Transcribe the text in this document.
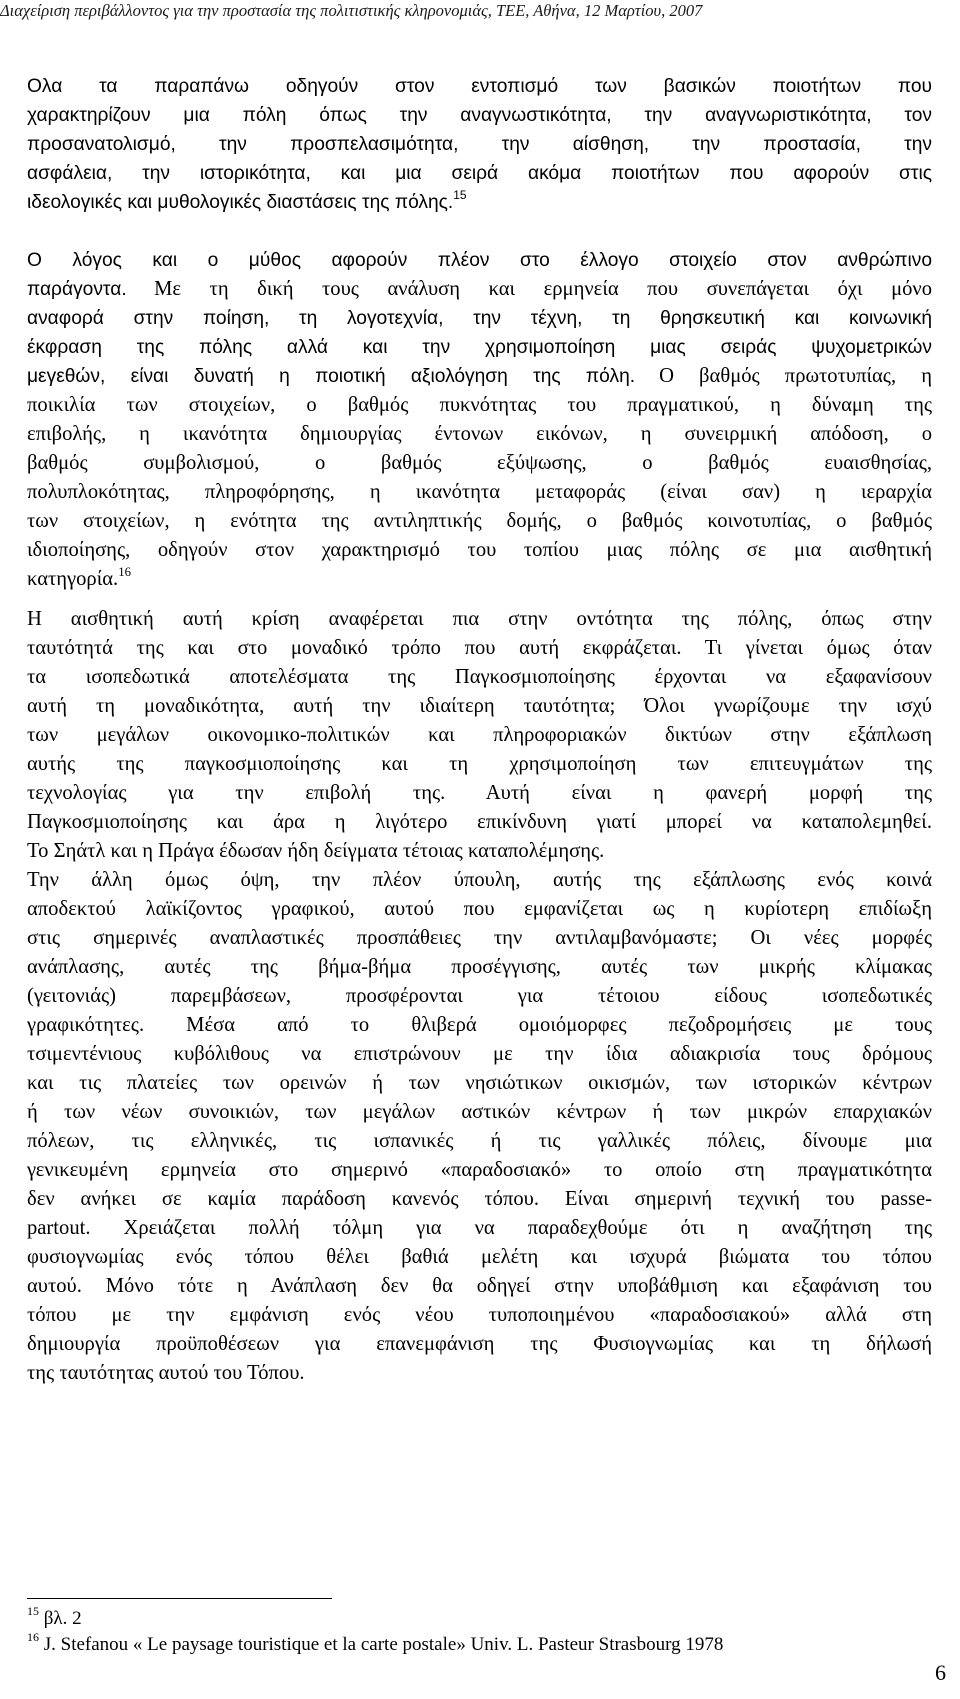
Διαχείριση περιβάλλοντος για την προστασία της πολιτιστικής κληρονομιάς, ΤΕΕ, Αθήνα, 12 Μαρτίου, 2007
Ολα τα παραπάνω οδηγούν στον εντοπισμό των βασικών ποιοτήτων που
χαρακτηρίζουν μια πόλη όπως την αναγνωστικότητα, την αναγνωριστικότητα, τον
προσανατολισμό, την προσπελασιμότητα, την αίσθηση, την προστασία, την
ασφάλεια, την ιστορικότητα, και μια σειρά ακόμα ποιοτήτων που αφορούν στις
ιδεολογικές και μυθολογικές διαστάσεις της πόλης.$^{15}$
Ο λόγος και ο μύθος αφορούν πλέον στο έλλογο στοιχείο στον ανθρώπινο
παράγοντα. Με τη δική τους ανάλυση και ερμηνεία που συνεπάγεται όχι μόνο
αναφορά στην ποίηση, τη λογοτεχνία, την τέχνη, τη θρησκευτική και κοινωνική
έκφραση της πόλης αλλά και την χρησιμοποίηση μιας σειράς ψυχομετρικών
μεγεθών, είναι δυνατή η ποιοτική αξιολόγηση της πόλη. Ο βαθμός πρωτοτυπίας, η
ποικιλία των στοιχείων, ο βαθμός πυκνότητας του πραγματικού, η δύναμη της
επιβολής, η ικανότητα δημιουργίας έντονων εικόνων, η συνειρμική απόδοση, ο
βαθμός συμβολισμού, ο βαθμός εξύψωσης, ο βαθμός ευαισθησίας,
πολυπλοκότητας, πληροφόρησης, η ικανότητα μεταφοράς (είναι σαν) η ιεραρχία
των στοιχείων, η ενότητα της αντιληπτικής δομής, ο βαθμός κοινοτυπίας, ο βαθμός
ιδιοποίησης, οδηγούν στον χαρακτηρισμό του τοπίου μιας πόλης σε μια αισθητική
κατηγορία.$^{16}$
Η αισθητική αυτή κρίση αναφέρεται πια στην οντότητα της πόλης, όπως στην
ταυτότητά της και στο μοναδικό τρόπο που αυτή εκφράζεται. Τι γίνεται όμως όταν
τα ισοπεδωτικά αποτελέσματα της Παγκοσμιοποίησης έρχονται να εξαφανίσουν
αυτή τη μοναδικότητα, αυτή την ιδιαίτερη ταυτότητα; Όλοι γνωρίζουμε την ισχύ
των μεγάλων οικονομικο-πολιτικών και πληροφοριακών δικτύων στην εξάπλωση
αυτής της παγκοσμιοποίησης και τη χρησιμοποίηση των επιτευγμάτων της
τεχνολογίας για την επιβολή της. Αυτή είναι η φανερή μορφή της
Παγκοσμιοποίησης και άρα η λιγότερο επικίνδυνη γιατί μπορεί να καταπολεμηθεί.
Το Σηάτλ και η Πράγα έδωσαν ήδη δείγματα τέτοιας καταπολέμησης.
Την άλλη όμως όψη, την πλέον ύπουλη, αυτής της εξάπλωσης ενός κοινά
αποδεκτού λαϊκίζοντος γραφικού, αυτού που εμφανίζεται ως η κυρίοτερη επιδίωξη
στις σημερινές αναπλαστικές προσπάθειες την αντιλαμβανόμαστε; Οι νέες μορφές
ανάπλασης, αυτές της βήμα-βήμα προσέγγισης, αυτές των μικρής κλίμακας
(γειτονιάς) παρεμβάσεων, προσφέρονται για τέτοιου είδους ισοπεδωτικές
γραφικότητες. Μέσα από το θλιβερά ομοιόμορφες πεζοδρομήσεις με τους
τσιμεντένιους κυβόλιθους να επιστρώνουν με την ίδια αδιακρισία τους δρόμους
και τις πλατείες των ορεινών ή των νησιώτικων οικισμών, των ιστορικών κέντρων
ή των νέων συνοικιών, των μεγάλων αστικών κέντρων ή των μικρών επαρχιακών
πόλεων, τις ελληνικές, τις ισπανικές ή τις γαλλικές πόλεις, δίνουμε μια
γενικευμένη ερμηνεία στο σημερινό «παραδοσιακό» το οποίο στη πραγματικότητα
δεν ανήκει σε καμία παράδοση κανενός τόπου. Είναι σημερινή τεχνική του passe-
partout. Χρειάζεται πολλή τόλμη για να παραδεχθούμε ότι η αναζήτηση της
φυσιογνωμίας ενός τόπου θέλει βαθιά μελέτη και ισχυρά βιώματα του τόπου
αυτού. Μόνο τότε η Ανάπλαση δεν θα οδηγεί στην υποβάθμιση και εξαφάνιση του
τόπου με την εμφάνιση ενός νέου τυποποιημένου «παραδοσιακού» αλλά στη
δημιουργία προϋποθέσεων για επανεμφάνιση της Φυσιογνωμίας και τη δήλωσή
της ταυτότητας αυτού του Τόπου.
$^{15}$ βλ. 2
$^{16}$ J. Stefanou « Le paysage touristique et la carte postale» Univ. L. Pasteur Strasbourg 1978
6
